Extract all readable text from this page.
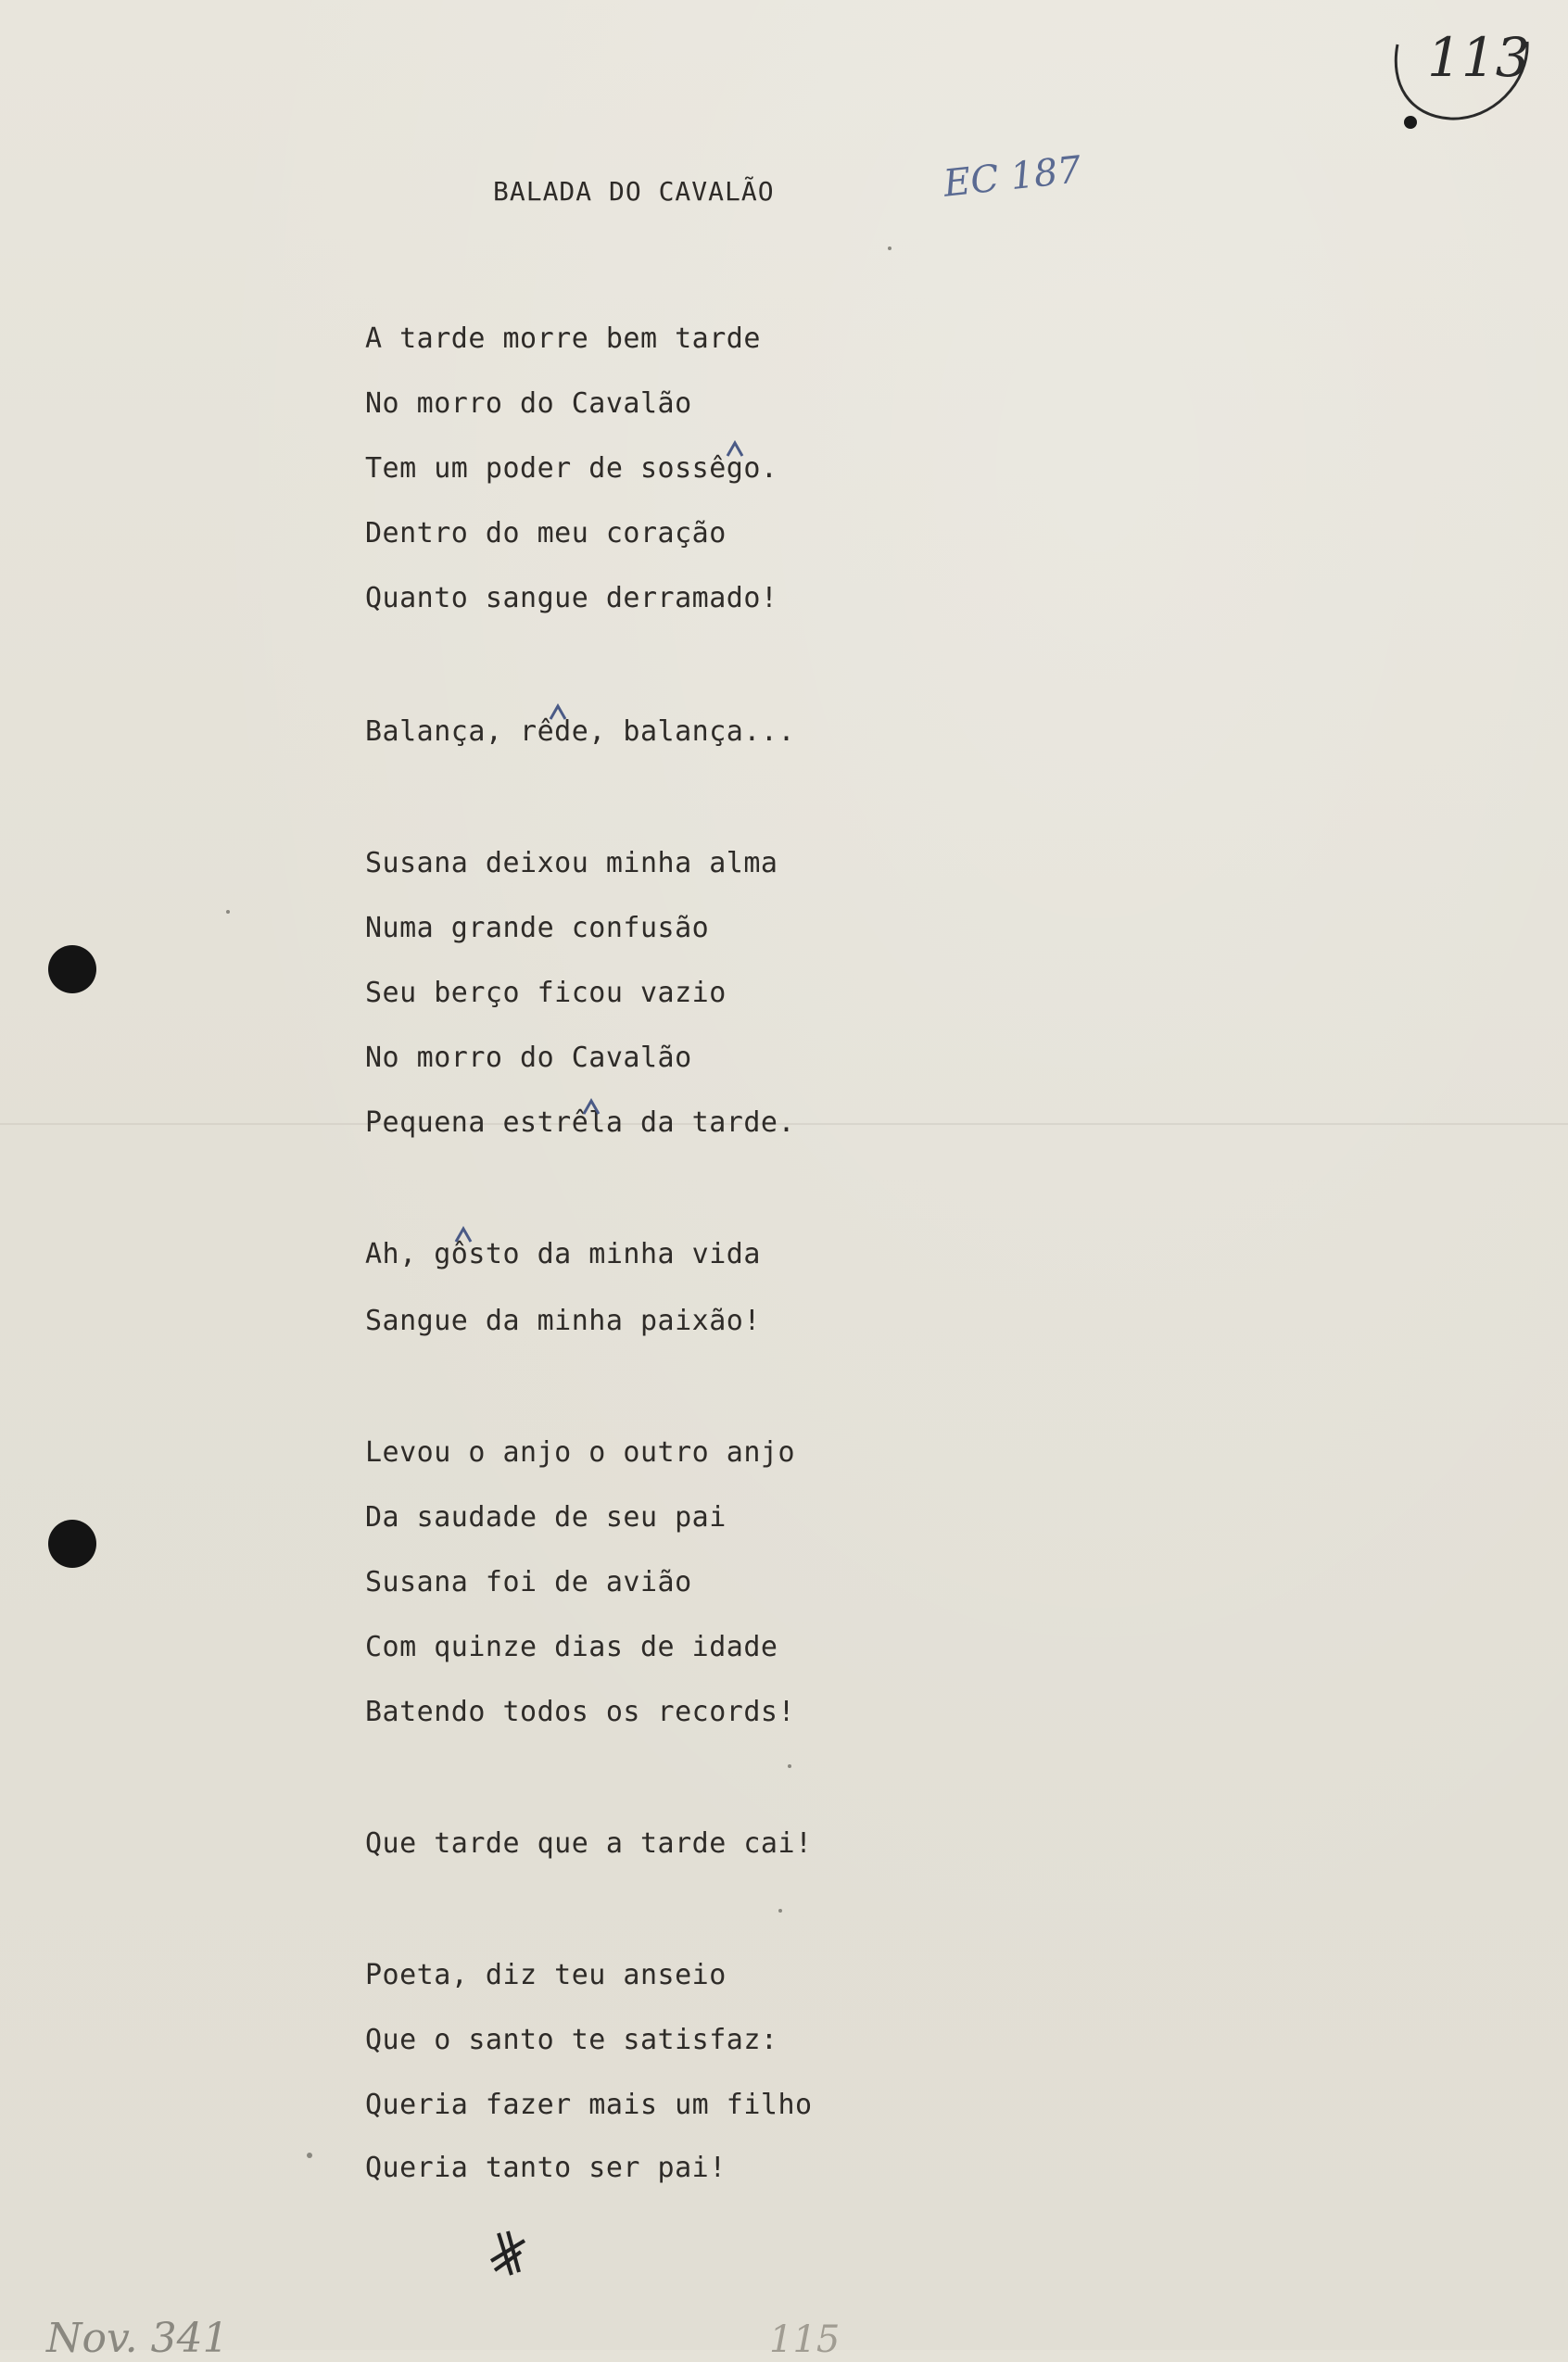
BALADA DO CAVALÃO	EC 187
113
Nov. 341	115
A tarde morre bem tarde
No morro do Cavalão
Tem um poder de sossêgo.
Dentro do meu coração
Quanto sangue derramado!
Balança, rêde, balança...
Susana deixou minha alma
Numa grande confusão
Seu berço ficou vazio
No morro do Cavalão
Pequena estrêla da tarde.
Ah, gôsto da minha vida
Sangue da minha paixão!
Levou o anjo o outro anjo
Da saudade de seu pai
Susana foi de avião
Com quinze dias de idade
Batendo todos os records!
Que tarde que a tarde cai!
Poeta, diz teu anseio
Que o santo te satisfaz:
Queria fazer mais um filho
Queria tanto ser pai!
